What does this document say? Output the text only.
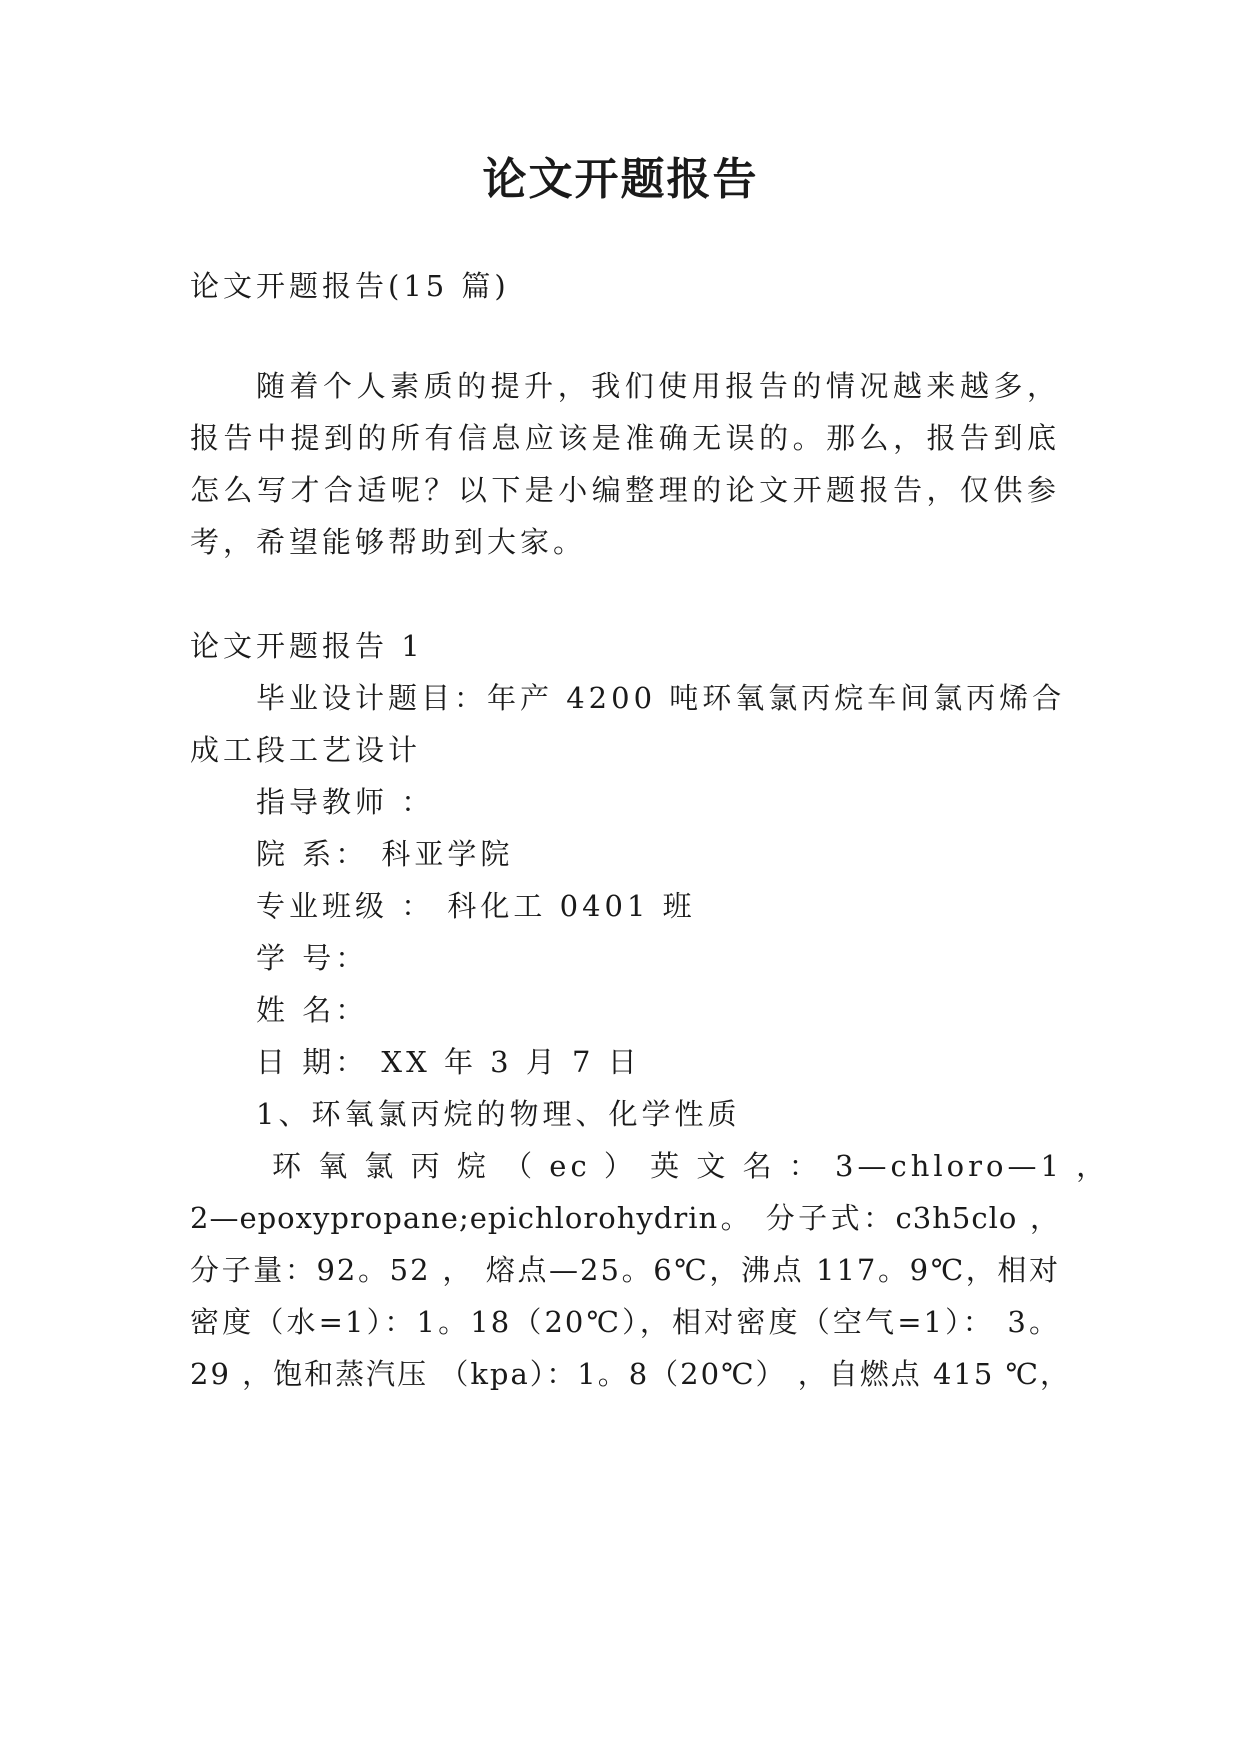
论文开题报告
论文开题报告(15 篇)
随着个人素质的提升，我们使用报告的情况越来越多，
报告中提到的所有信息应该是准确无误的。那么，报告到底
怎么写才合适呢？以下是小编整理的论文开题报告，仅供参
考，希望能够帮助到大家。
论文开题报告 1
毕业设计题目：年产 4200 吨环氧氯丙烷车间氯丙烯合
成工段工艺设计
指导教师 ：
院 系： 科亚学院
专业班级 ： 科化工 0401 班
学 号：
姓 名：
日 期： XX 年 3 月 7 日
1、环氧氯丙烷的物理、化学性质
环 氧 氯 丙 烷 （ ec ） 英 文 名 ： 3—chloro—1 ，
2—epoxypropane;epichlorohydrin。 分子式：c3h5clo ，
分子量：92。52 ， 熔点—25。6℃，沸点 117。9℃，相对
密度（水=1）：1。18（20℃），相对密度（空气=1）： 3。
29 ，饱和蒸汽压 （kpa）：1。8（20℃） ，自燃点 415 ℃，
